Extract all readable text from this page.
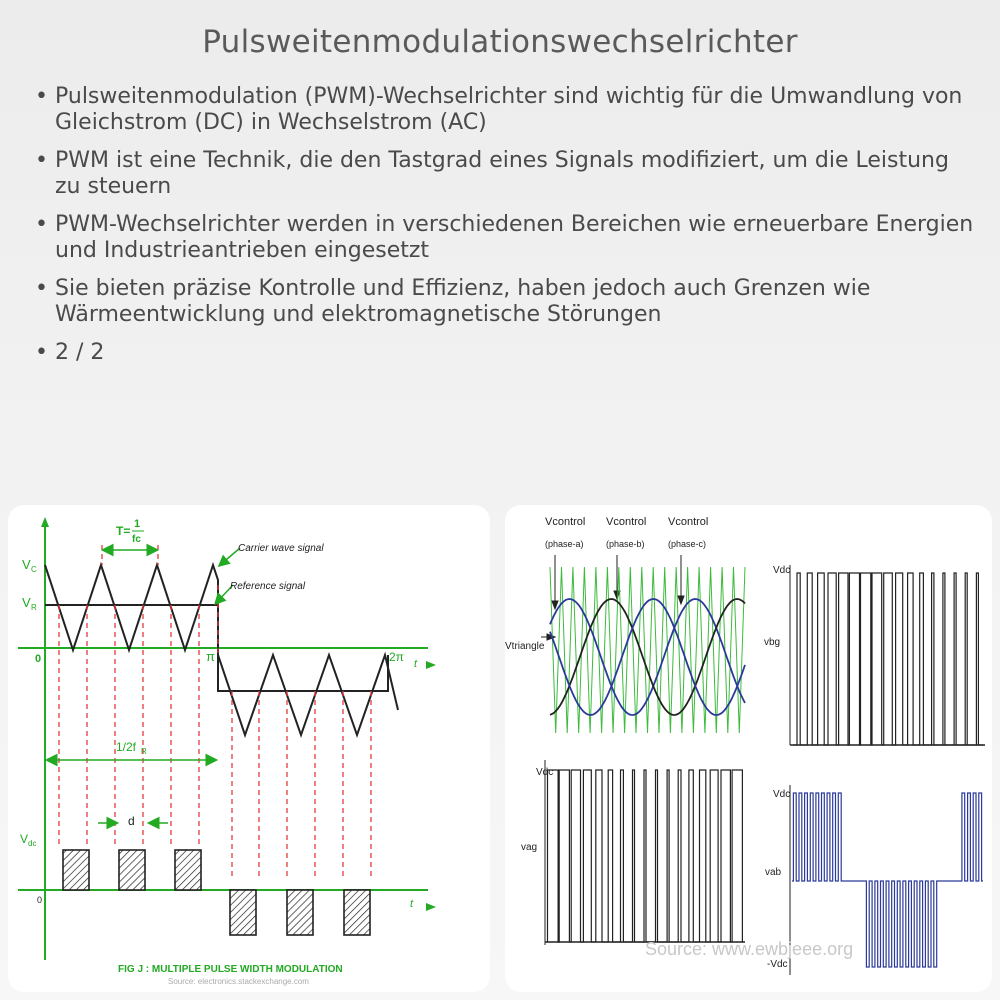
Pulsweitenmodulationswechselrichter
• Pulsweitenmodulation (PWM)-Wechselrichter sind wichtig für die Umwandlung von Gleichstrom (DC) in Wechselstrom (AC)
• PWM ist eine Technik, die den Tastgrad eines Signals modifiziert, um die Leistung zu steuern
• PWM-Wechselrichter werden in verschiedenen Bereichen wie erneuerbare Energien und Industrieantrieben eingesetzt
• Sie bieten präzise Kontrolle und Effizienz, haben jedoch auch Grenzen wie Wärmeentwicklung und elektromagnetische Störungen
• 2 / 2
T= 1
fc
V C
V R
Carrier wave signal
Reference signal
0	π	2π t
1/2f R
d
V dc
0	t
FIG J : MULTIPLE PULSE WIDTH MODULATION
Source: electronics.stackexchange.com
Vcontrol
(phase-a)
Vcontrol
(phase-b)
Vcontrol
(phase-c)
Vtriangle
Vdc
vag
Vdc
vbg
Vdc
vab
-Vdc
Source: www.ewbjeee.org
